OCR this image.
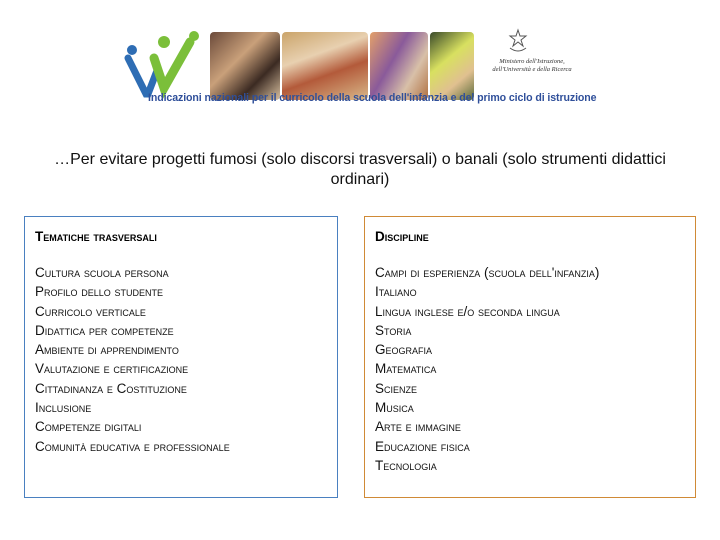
Ministero dell'Istruzione, dell'Università e della Ricerca
Indicazioni nazionali per il curricolo della scuola dell'infanzia e del primo ciclo di istruzione
…Per evitare progetti fumosi (solo discorsi trasversali) o banali (solo strumenti didattici ordinari)
Tematiche trasversali
Cultura scuola persona
Profilo dello studente
Curricolo verticale
Didattica per competenze
Ambiente di apprendimento
Valutazione e certificazione
Cittadinanza e Costituzione
Inclusione
Competenze digitali
Comunità educativa e professionale
Discipline
Campi di esperienza (scuola dell'infanzia)
Italiano
Lingua inglese e/o seconda lingua
Storia
Geografia
Matematica
Scienze
Musica
Arte e immagine
Educazione fisica
Tecnologia
